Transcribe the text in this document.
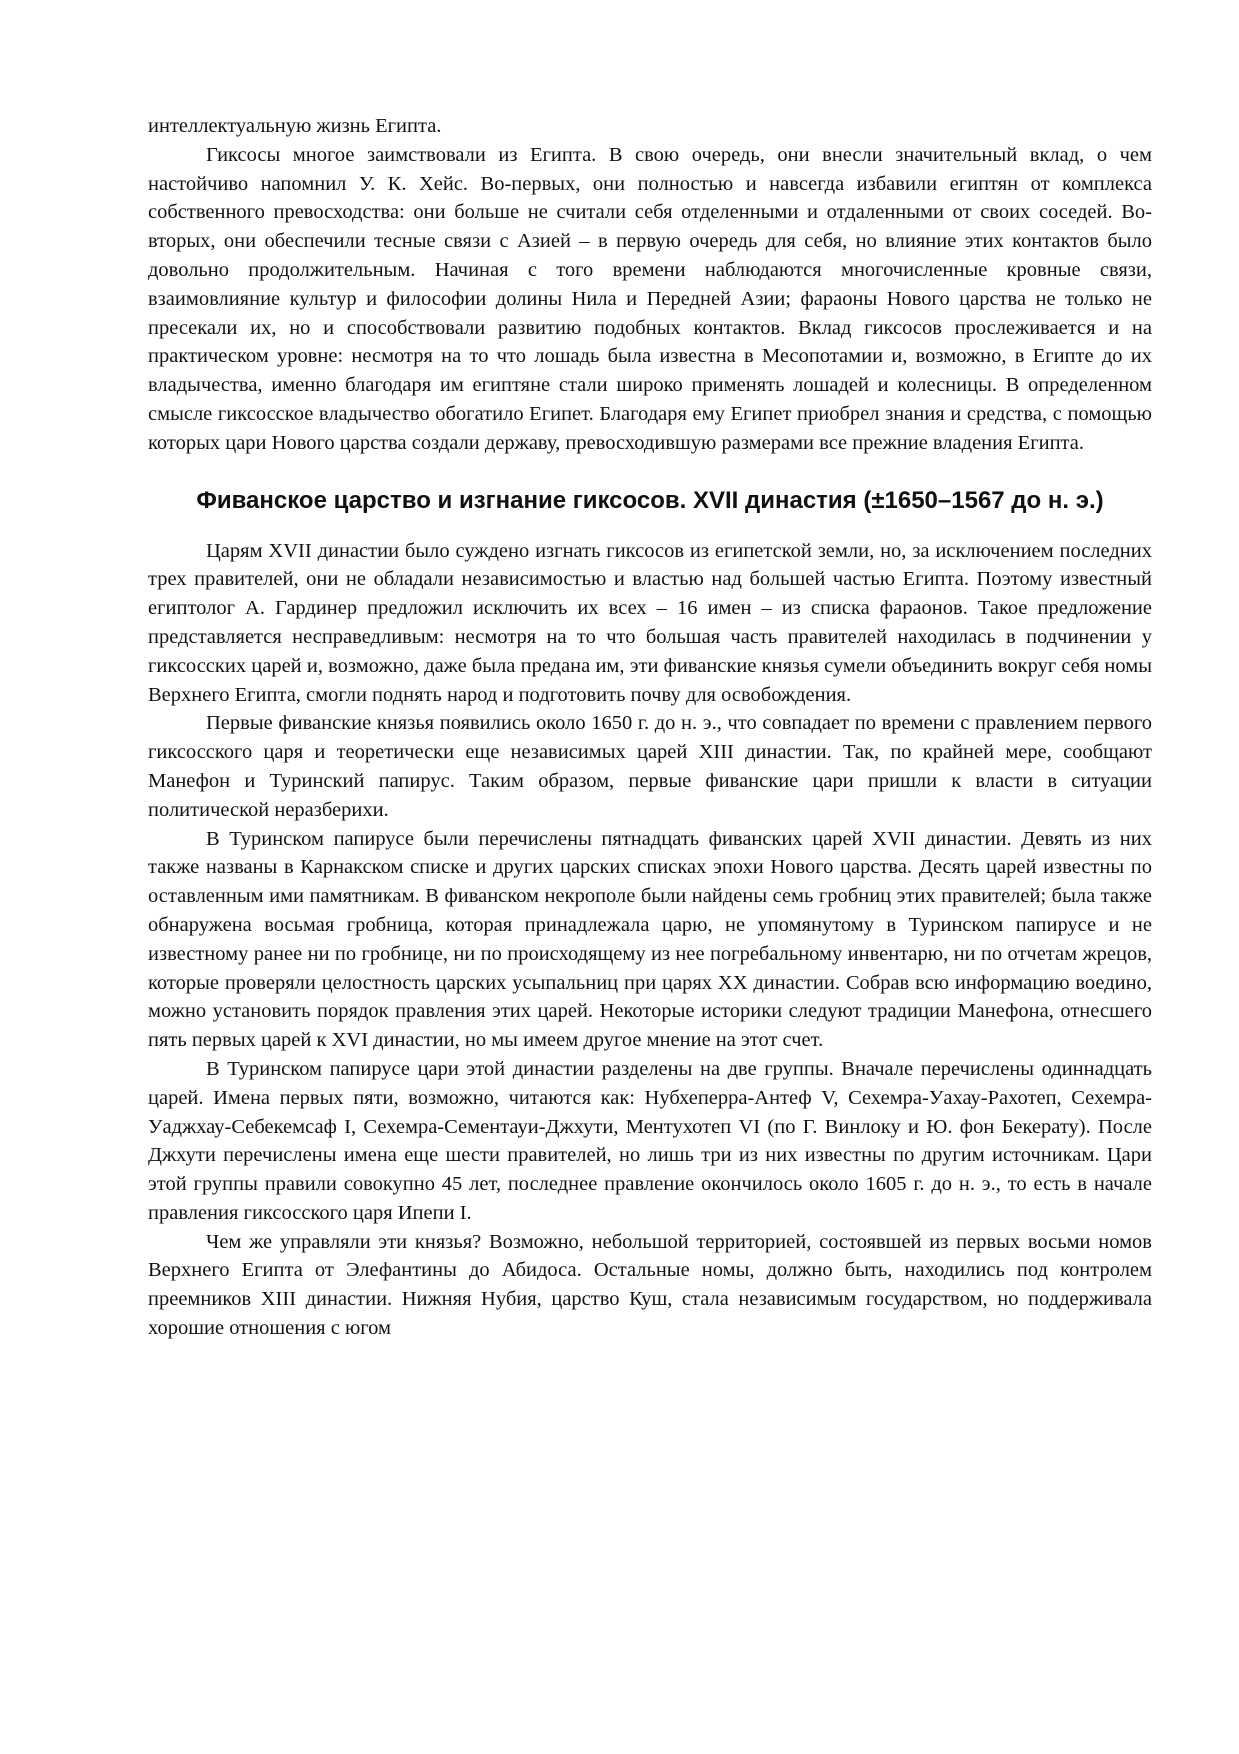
интеллектуальную жизнь Египта.

Гиксосы многое заимствовали из Египта. В свою очередь, они внесли значительный вклад, о чем настойчиво напомнил У. К. Хейс. Во-первых, они полностью и навсегда избавили египтян от комплекса собственного превосходства: они больше не считали себя отделенными и отдаленными от своих соседей. Во-вторых, они обеспечили тесные связи с Азией – в первую очередь для себя, но влияние этих контактов было довольно продолжительным. Начиная с того времени наблюдаются многочисленные кровные связи, взаимовлияние культур и философии долины Нила и Передней Азии; фараоны Нового царства не только не пресекали их, но и способствовали развитию подобных контактов. Вклад гиксосов прослеживается и на практическом уровне: несмотря на то что лошадь была известна в Месопотамии и, возможно, в Египте до их владычества, именно благодаря им египтяне стали широко применять лошадей и колесницы. В определенном смысле гиксосское владычество обогатило Египет. Благодаря ему Египет приобрел знания и средства, с помощью которых цари Нового царства создали державу, превосходившую размерами все прежние владения Египта.

Фиванское царство и изгнание гиксосов. XVII династия (±1650–1567 до н. э.)

Царям XVII династии было суждено изгнать гиксосов из египетской земли, но, за исключением последних трех правителей, они не обладали независимостью и властью над большей частью Египта. Поэтому известный египтолог А. Гардинер предложил исключить их всех – 16 имен – из списка фараонов. Такое предложение представляется несправедливым: несмотря на то что большая часть правителей находилась в подчинении у гиксосских царей и, возможно, даже была предана им, эти фиванские князья сумели объединить вокруг себя номы Верхнего Египта, смогли поднять народ и подготовить почву для освобождения.

Первые фиванские князья появились около 1650 г. до н. э., что совпадает по времени с правлением первого гиксосского царя и теоретически еще независимых царей XIII династии. Так, по крайней мере, сообщают Манефон и Туринский папирус. Таким образом, первые фиванские цари пришли к власти в ситуации политической неразберихи.

В Туринском папирусе были перечислены пятнадцать фиванских царей XVII династии. Девять из них также названы в Карнакском списке и других царских списках эпохи Нового царства. Десять царей известны по оставленным ими памятникам. В фиванском некрополе были найдены семь гробниц этих правителей; была также обнаружена восьмая гробница, которая принадлежала царю, не упомянутому в Туринском папирусе и не известному ранее ни по гробнице, ни по происходящему из нее погребальному инвентарю, ни по отчетам жрецов, которые проверяли целостность царских усыпальниц при царях XX династии. Собрав всю информацию воедино, можно установить порядок правления этих царей. Некоторые историки следуют традиции Манефона, отнесшего пять первых царей к XVI династии, но мы имеем другое мнение на этот счет.

В Туринском папирусе цари этой династии разделены на две группы. Вначале перечислены одиннадцать царей. Имена первых пяти, возможно, читаются как: Нубхеперра-Антеф V, Сехемра-Уахау-Рахотеп, Сехемра-Уаджхау-Себекемсаф I, Сехемра-Сементауи-Джхути, Ментухотеп VI (по Г. Винлоку и Ю. фон Бекерату). После Джхути перечислены имена еще шести правителей, но лишь три из них известны по другим источникам. Цари этой группы правили совокупно 45 лет, последнее правление окончилось около 1605 г. до н. э., то есть в начале правления гиксосского царя Ипепи I.

Чем же управляли эти князья? Возможно, небольшой территорией, состоявшей из первых восьми номов Верхнего Египта от Элефантины до Абидоса. Остальные номы, должно быть, находились под контролем преемников XIII династии. Нижняя Нубия, царство Куш, стала независимым государством, но поддерживала хорошие отношения с югом
